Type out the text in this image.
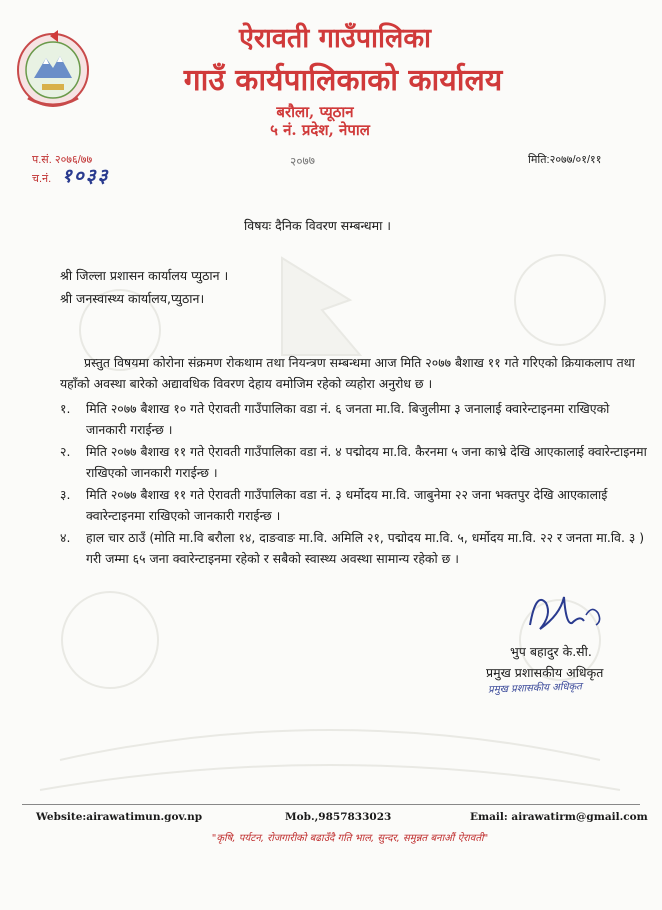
ऐरावती गाउँपालिका
गाउँ कार्यपालिकाको कार्यालय
बरौला, प्यूठान
५ नं. प्रदेश, नेपाल
२०७७
प.सं. २०७६/७७
च.नं. १०३३
मिति:२०७७/०१/११
विषयः दैनिक विवरण सम्बन्धमा ।
श्री जिल्ला प्रशासन कार्यालय प्युठान ।
श्री जनस्वास्थ्य कार्यालय,प्युठान।
प्रस्तुत विषयमा कोरोना संक्रमण रोकथाम तथा नियन्त्रण सम्बन्धमा आज मिति २०७७ बैशाख ११ गते गरिएको क्रियाकलाप तथा यहाँको अवस्था बारेको अद्यावधिक विवरण देहाय वमोजिम रहेको व्यहोरा अनुरोध छ ।
१.	मिति २०७७ बैशाख १० गते ऐरावती गाउँपालिका वडा नं. ६ जनता मा.वि. बिजुलीमा ३ जनालाई क्वारेन्टाइनमा राखिएको जानकारी गराईन्छ ।
२.	मिति २०७७ बैशाख ११ गते ऐरावती गाउँपालिका वडा नं. ४ पद्मोदय मा.वि. कैरनमा ५ जना काभ्रे देखि आएकालाई क्वारेन्टाइनमा राखिएको जानकारी गराईन्छ ।
३.	मिति २०७७ बैशाख ११ गते ऐरावती गाउँपालिका वडा नं. ३ धर्मोदय मा.वि. जाबुनेमा २२ जना भक्तपुर देखि आएकालाई क्वारेन्टाइनमा राखिएको जानकारी गराईन्छ ।
४.	हाल चार ठाउँ (मोति मा.वि बरौला १४, दाङवाङ मा.वि. अमिलि २१, पद्मोदय मा.वि. ५, धर्मोदय मा.वि. २२ र जनता मा.वि. ३ ) गरी जम्मा ६५ जना क्वारेन्टाइनमा रहेको र सबैको स्वास्थ्य अवस्था सामान्य रहेको छ ।
भुप बहादुर के.सी.
प्रमुख प्रशासकीय अधिकृत
प्रमुख प्रशासकीय अधिकृत
Website:airawatimun.gov.np	Mob.,9857833023	Email: airawatirm@gmail.com
"कृषि, पर्यटन, रोजगारीको बढाउँदै गति भाल, सुन्दर, समुन्नत बनाऔं ऐरावती"
